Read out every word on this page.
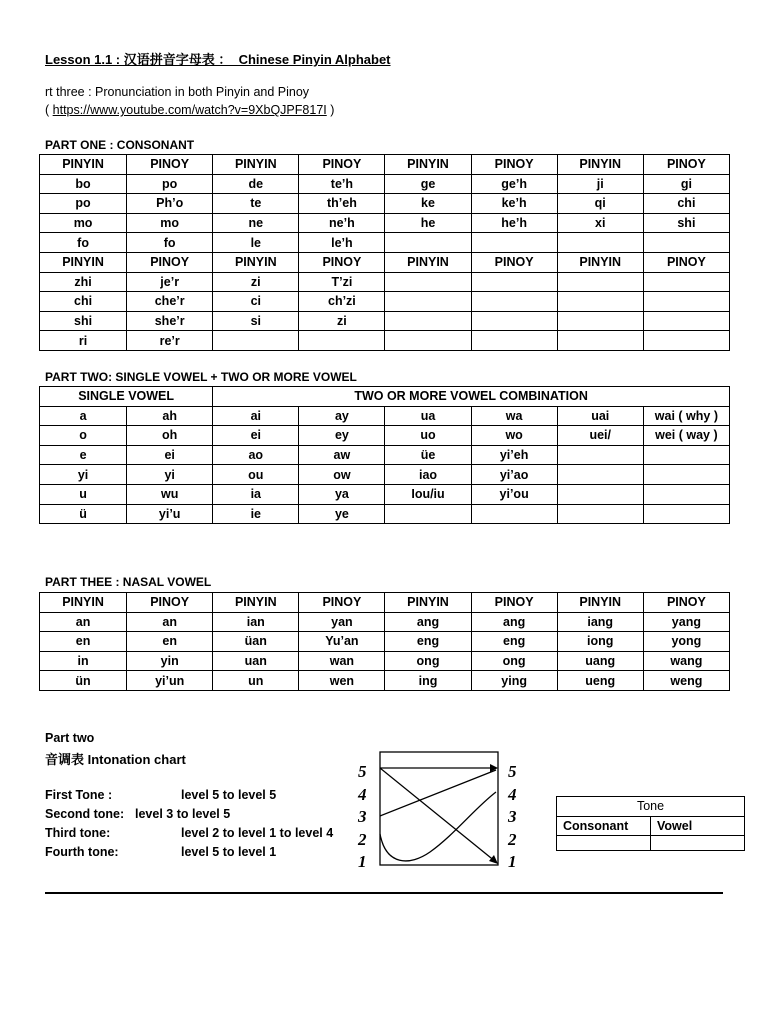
Lesson 1.1 : 汉语拼音字母表 ：  Chinese Pinyin Alphabet
rt three : Pronunciation in both Pinyin and Pinoy
( https://www.youtube.com/watch?v=9XbQJPF817I )
PART ONE : CONSONANT
PINYIN	PINOY	PINYIN	PINOY	PINYIN	PINOY	PINYIN	PINOY
bo	po	de	te’h	ge	ge’h	ji	gi
po	Ph’o	te	th’eh	ke	ke’h	qi	chi
mo	mo	ne	ne’h	he	he’h	xi	shi
fo	fo	le	le’h				
PINYIN	PINOY	PINYIN	PINOY	PINYIN	PINOY	PINYIN	PINOY
zhi	je’r	zi	T’zi				
chi	che’r	ci	ch’zi				
shi	she’r	si	zi				
ri	re’r						
PART TWO: SINGLE VOWEL + TWO OR MORE VOWEL
SINGLE VOWEL		TWO OR MORE VOWEL COMBINATION					
a	ah	ai	ay	ua	wa	uai	wai ( why )
o	oh	ei	ey	uo	wo	uei/	wei ( way )
e	ei	ao	aw	üe	yi’eh		
yi	yi	ou	ow	iao	yi’ao		
u	wu	ia	ya	Iou/iu	yi’ou		
ü	yi’u	ie	ye				
PART THEE : NASAL VOWEL
PINYIN	PINOY	PINYIN	PINOY	PINYIN	PINOY	PINYIN	PINOY
an	an	ian	yan	ang	ang	iang	yang
en	en	üan	Yu’an	eng	eng	iong	yong
in	yin	uan	wan	ong	ong	uang	wang
ün	yi’un	un	wen	ing	ying	ueng	weng
Part two
音调表 Intonation chart
First Tone :	level 5 to level 5
Second tone: level 3 to level 5
Third tone:	level 2 to level 1 to level 4
Fourth tone:	level 5 to level 1
5
4
3
2
1
5
4
3
2
1
Tone	
Consonant	Vowel
